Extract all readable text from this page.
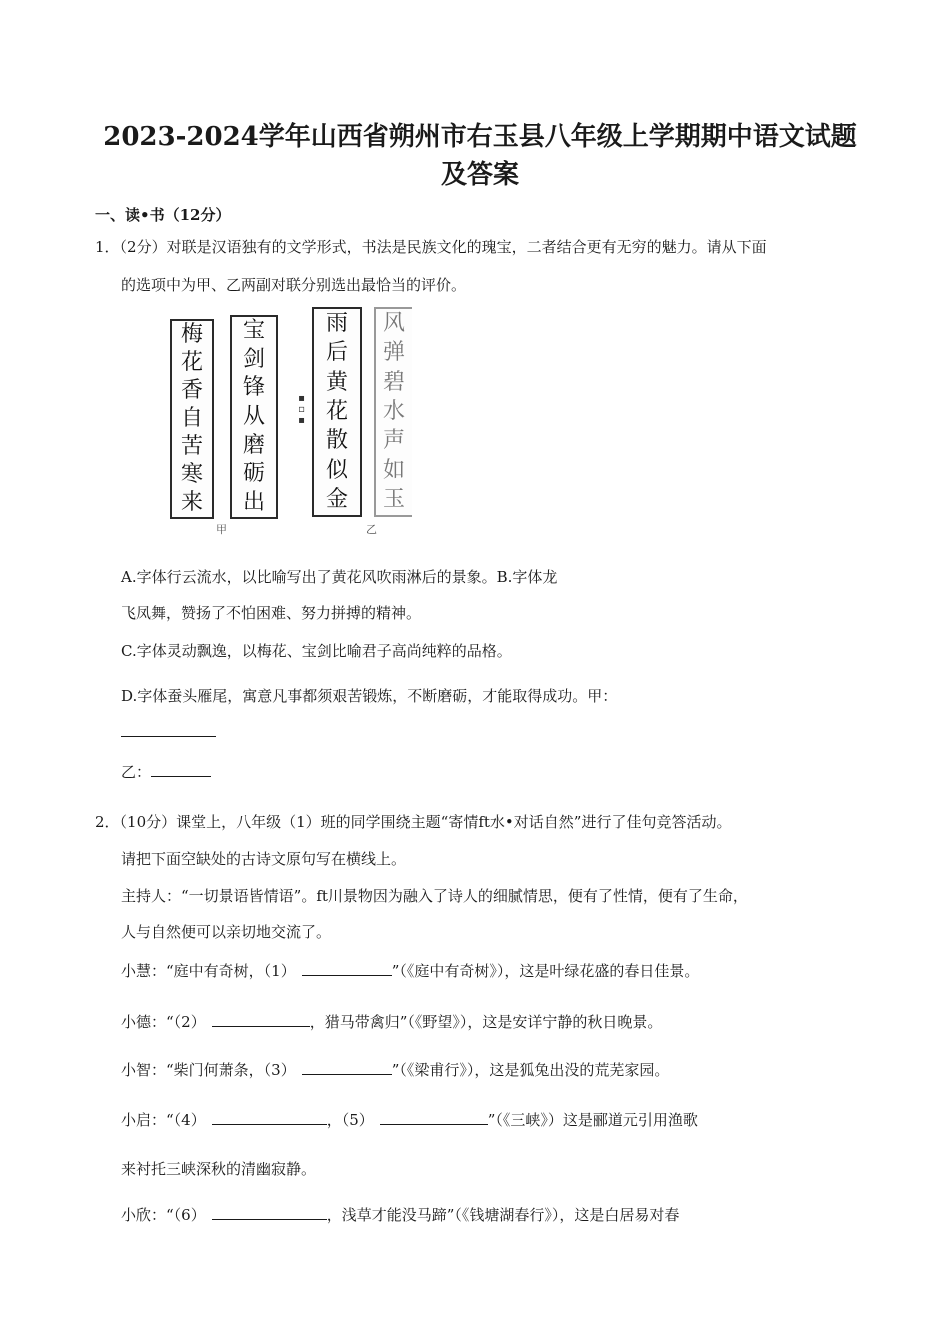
2023-2024学年山西省朔州市右玉县八年级上学期期中语文试题及答案
一、读•书（12分）
1．（2分）对联是汉语独有的文学形式，书法是民族文化的瑰宝，二者结合更有无穷的魅力。请从下面
的选项中为甲、乙两副对联分别选出最恰当的评价。
梅
花
香
自
苦
寒
来
宝
剑
锋
从
磨
砺
出
甲
雨
后
黄
花
散
似
金
▪▫▪
风
弹
碧
水
声
如
玉
乙
A.字体行云流水，以比喻写出了黄花风吹雨淋后的景象。B.字体龙
飞凤舞，赞扬了不怕困难、努力拼搏的精神。
C.字体灵动飘逸，以梅花、宝剑比喻君子高尚纯粹的品格。
D.字体蚕头雁尾，寓意凡事都须艰苦锻炼，不断磨砺，才能取得成功。甲：
乙：
2．（10分）课堂上，八年级（1）班的同学围绕主题“寄情ft水•对话自然”进行了佳句竞答活动。
请把下面空缺处的古诗文原句写在横线上。
主持人：“一切景语皆情语”。ft川景物因为融入了诗人的细腻情思，便有了性情，便有了生命，
人与自然便可以亲切地交流了。
小慧：“庭中有奇树，（1）	”（《庭中有奇树》），这是叶绿花盛的春日佳景。
小德：“（2）	，猎马带禽归”（《野望》），这是安详宁静的秋日晚景。
小智：“柴门何萧条，（3）	”（《梁甫行》），这是狐兔出没的荒芜家园。
小启：“（4）	，（5）	”（《三峡》）这是郦道元引用渔歌
来衬托三峡深秋的清幽寂静。
小欣：“（6）	，浅草才能没马蹄”（《钱塘湖春行》），这是白居易对春
